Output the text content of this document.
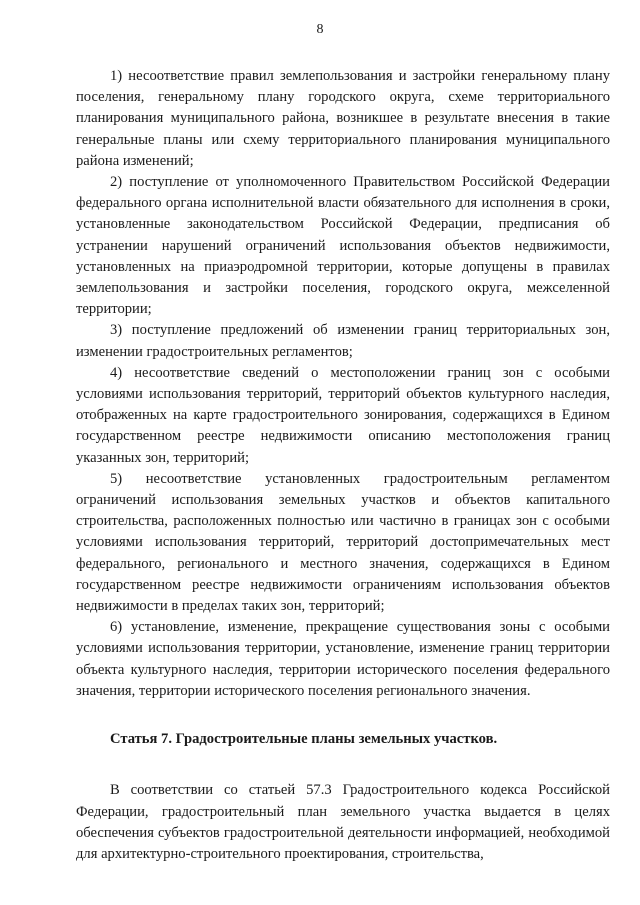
8

1) несоответствие правил землепользования и застройки генеральному плану поселения, генеральному плану городского округа, схеме территориального планирования муниципального района, возникшее в результате внесения в такие генеральные планы или схему территориального планирования муниципального района изменений;

2) поступление от уполномоченного Правительством Российской Федерации федерального органа исполнительной власти обязательного для исполнения в сроки, установленные законодательством Российской Федерации, предписания об устранении нарушений ограничений использования объектов недвижимости, установленных на приаэродромной территории, которые допущены в правилах землепользования и застройки поселения, городского округа, межселенной территории;

3) поступление предложений об изменении границ территориальных зон, изменении градостроительных регламентов;

4) несоответствие сведений о местоположении границ зон с особыми условиями использования территорий, территорий объектов культурного наследия, отображенных на карте градостроительного зонирования, содержащихся в Едином государственном реестре недвижимости описанию местоположения границ указанных зон, территорий;

5) несоответствие установленных градостроительным регламентом ограничений использования земельных участков и объектов капитального строительства, расположенных полностью или частично в границах зон с особыми условиями использования территорий, территорий достопримечательных мест федерального, регионального и местного значения, содержащихся в Едином государственном реестре недвижимости ограничениям использования объектов недвижимости в пределах таких зон, территорий;

6) установление, изменение, прекращение существования зоны с особыми условиями использования территории, установление, изменение границ территории объекта культурного наследия, территории исторического поселения федерального значения, территории исторического поселения регионального значения.

Статья 7. Градостроительные планы земельных участков.

В соответствии со статьей 57.3 Градостроительного кодекса Российской Федерации, градостроительный план земельного участка выдается в целях обеспечения субъектов градостроительной деятельности информацией, необходимой для архитектурно-строительного проектирования, строительства,
